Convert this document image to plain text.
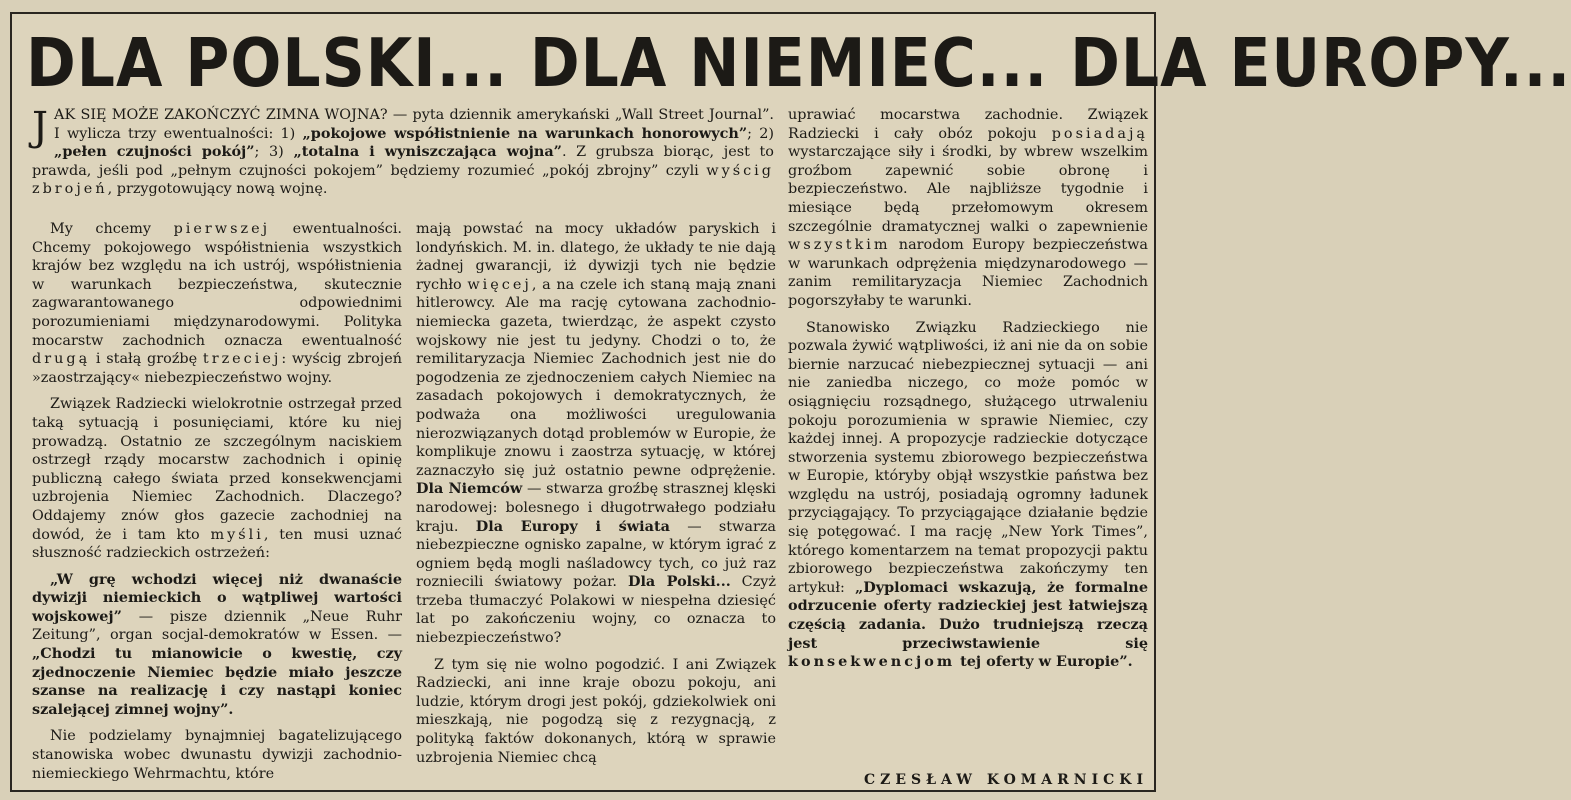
DLA POLSKI... DLA NIEMIEC... DLA EUROPY...

JAK SIĘ MOŻE ZAKOŃCZYĆ ZIMNA WOJNA? — pyta dziennik amerykański „Wall Street Journal”. I wylicza trzy ewentualności: 1) „pokojowe współistnienie na warunkach honorowych”; 2) „pełen czujności pokój”; 3) „totalna i wyniszczająca wojna”. Z grubsza biorąc, jest to prawda, jeśli pod „pełnym czujności pokojem” będziemy rozumieć „pokój zbrojny” czyli wyścig zbrojeń, przygotowujący nową wojnę.

My chcemy pierwszej ewentualności. Chcemy pokojowego współistnienia wszystkich krajów bez względu na ich ustrój, współistnienia w warunkach bezpieczeństwa, skutecznie zagwarantowanego odpowiednimi porozumieniami międzynarodowymi. Polityka mocarstw zachodnich oznacza ewentualność drugą i stałą groźbę trzeciej: wyścig zbrojeń »zaostrzający« niebezpieczeństwo wojny.

Związek Radziecki wielokrotnie ostrzegał przed taką sytuacją i posunięciami, które ku niej prowadzą. Ostatnio ze szczególnym naciskiem ostrzegł rządy mocarstw zachodnich i opinię publiczną całego świata przed konsekwencjami uzbrojenia Niemiec Zachodnich. Dlaczego? Oddajemy znów głos gazecie zachodniej na dowód, że i tam kto myśli, ten musi uznać słuszność radzieckich ostrzeżeń:

„W grę wchodzi więcej niż dwanaście dywizji niemieckich o wątpliwej wartości wojskowej” — pisze dziennik „Neue Ruhr Zeitung”, organ socjal-demokratów w Essen. — „Chodzi tu mianowicie o kwestię, czy zjednoczenie Niemiec będzie miało jeszcze szanse na realizację i czy nastąpi koniec szalejącej zimnej wojny”.

Nie podzielamy bynajmniej bagatelizującego stanowiska wobec dwunastu dywizji zachodnio-niemieckiego Wehrmachtu, które

mają powstać na mocy układów paryskich i londyńskich. M. in. dlatego, że układy te nie dają żadnej gwarancji, iż dywizji tych nie będzie rychło więcej, a na czele ich staną mają znani hitlerowcy. Ale ma rację cytowana zachodnio-niemiecka gazeta, twierdząc, że aspekt czysto wojskowy nie jest tu jedyny. Chodzi o to, że remilitaryzacja Niemiec Zachodnich jest nie do pogodzenia ze zjednoczeniem całych Niemiec na zasadach pokojowych i demokratycznych, że podważa ona możliwości uregulowania nierozwiązanych dotąd problemów w Europie, że komplikuje znowu i zaostrza sytuację, w której zaznaczyło się już ostatnio pewne odprężenie. Dla Niemców — stwarza groźbę strasznej klęski narodowej: bolesnego i długotrwałego podziału kraju. Dla Europy i świata — stwarza niebezpieczne ognisko zapalne, w którym igrać z ogniem będą mogli naśladowcy tych, co już raz rozniecili światowy pożar. Dla Polski... Czyż trzeba tłumaczyć Polakowi w niespełna dziesięć lat po zakończeniu wojny, co oznacza to niebezpieczeństwo?

Z tym się nie wolno pogodzić. I ani Związek Radziecki, ani inne kraje obozu pokoju, ani ludzie, którym drogi jest pokój, gdziekolwiek oni mieszkają, nie pogodzą się z rezygnacją, z polityką faktów dokonanych, którą w sprawie uzbrojenia Niemiec chcą

uprawiać mocarstwa zachodnie. Związek Radziecki i cały obóz pokoju posiadają wystarczające siły i środki, by wbrew wszelkim groźbom zapewnić sobie obronę i bezpieczeństwo. Ale najbliższe tygodnie i miesiące będą przełomowym okresem szczególnie dramatycznej walki o zapewnienie wszystkim narodom Europy bezpieczeństwa w warunkach odprężenia międzynarodowego — zanim remilitaryzacja Niemiec Zachodnich pogorszyłaby te warunki.

Stanowisko Związku Radzieckiego nie pozwala żywić wątpliwości, iż ani nie da on sobie biernie narzucać niebezpiecznej sytuacji — ani nie zaniedba niczego, co może pomóc w osiągnięciu rozsądnego, służącego utrwaleniu pokoju porozumienia w sprawie Niemiec, czy każdej innej. A propozycje radzieckie dotyczące stworzenia systemu zbiorowego bezpieczeństwa w Europie, któryby objął wszystkie państwa bez względu na ustrój, posiadają ogromny ładunek przyciągający. To przyciągające działanie będzie się potęgować. I ma rację „New York Times”, którego komentarzem na temat propozycji paktu zbiorowego bezpieczeństwa zakończymy ten artykuł: „Dyplomaci wskazują, że formalne odrzucenie oferty radzieckiej jest łatwiejszą częścią zadania. Dużo trudniejszą rzeczą jest przeciwstawienie się konsekwencjom tej oferty w Europie”.

CZESŁAW KOMARNICKI
